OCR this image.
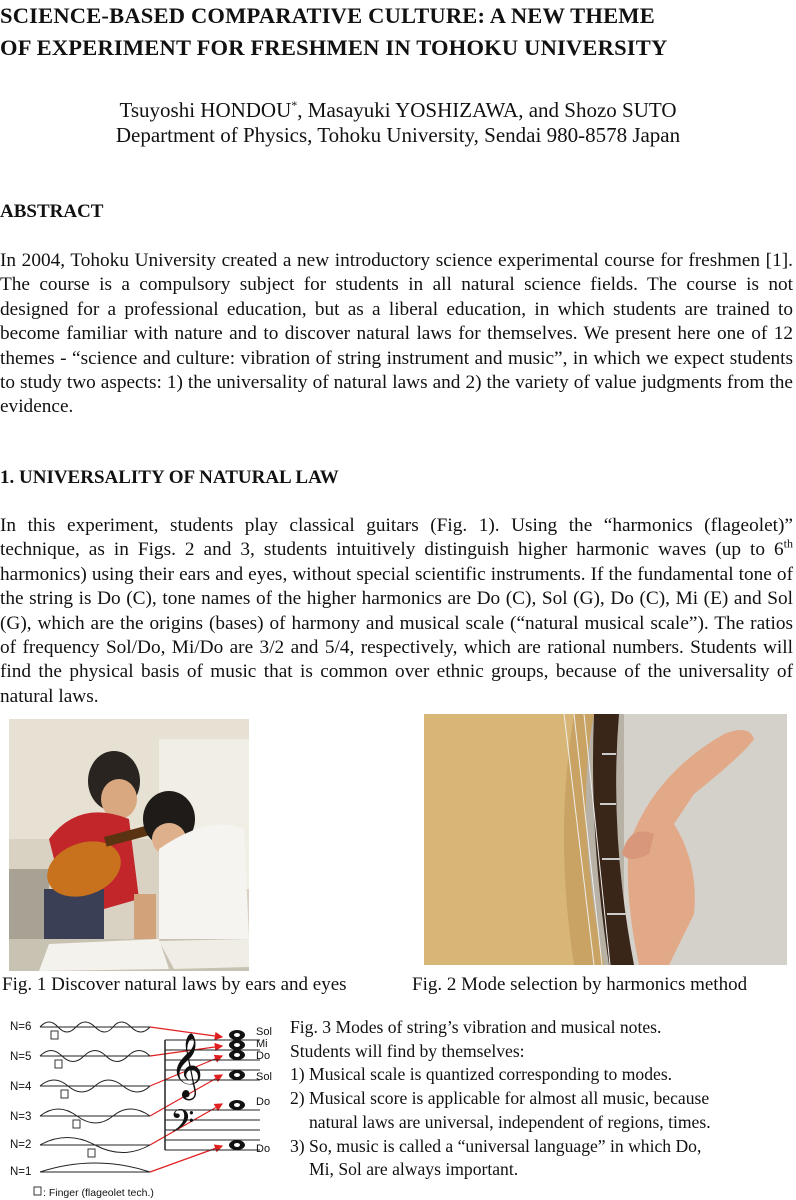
SCIENCE-BASED COMPARATIVE CULTURE: A NEW THEME
OF EXPERIMENT FOR FRESHMEN IN TOHOKU UNIVERSITY
Tsuyoshi HONDOU*, Masayuki YOSHIZAWA, and Shozo SUTO
Department of Physics, Tohoku University, Sendai 980-8578 Japan
ABSTRACT
In 2004, Tohoku University created a new introductory science experimental course for freshmen [1]. The course is a compulsory subject for students in all natural science fields. The course is not designed for a professional education, but as a liberal education, in which students are trained to become familiar with nature and to discover natural laws for themselves. We present here one of 12 themes - “science and culture: vibration of string instrument and music”, in which we expect students to study two aspects: 1) the universality of natural laws and 2) the variety of value judgments from the evidence.
1. UNIVERSALITY OF NATURAL LAW
In this experiment, students play classical guitars (Fig. 1). Using the “harmonics (flageolet)” technique, as in Figs. 2 and 3, students intuitively distinguish higher harmonic waves (up to 6th harmonics) using their ears and eyes, without special scientific instruments. If the fundamental tone of the string is Do (C), tone names of the higher harmonics are Do (C), Sol (G), Do (C), Mi (E) and Sol (G), which are the origins (bases) of harmony and musical scale (“natural musical scale”). The ratios of frequency Sol/Do, Mi/Do are 3/2 and 5/4, respectively, which are rational numbers. Students will find the physical basis of music that is common over ethnic groups, because of the universality of natural laws.
Fig. 1 Discover natural laws by ears and eyes	Fig. 2 Mode selection by harmonics method
N=6
N=5
N=4
N=3
N=2
N=1
𝄞
𝄢
Sol
Mi
Do
Sol
Do
Do
: Finger (flageolet tech.)
Fig. 3 Modes of string’s vibration and musical notes.
Students will find by themselves:
1) Musical scale is quantized corresponding to modes.
2) Musical score is applicable for almost all music, because
natural laws are universal, independent of regions, times.
3) So, music is called a “universal language” in which Do,
Mi, Sol are always important.
